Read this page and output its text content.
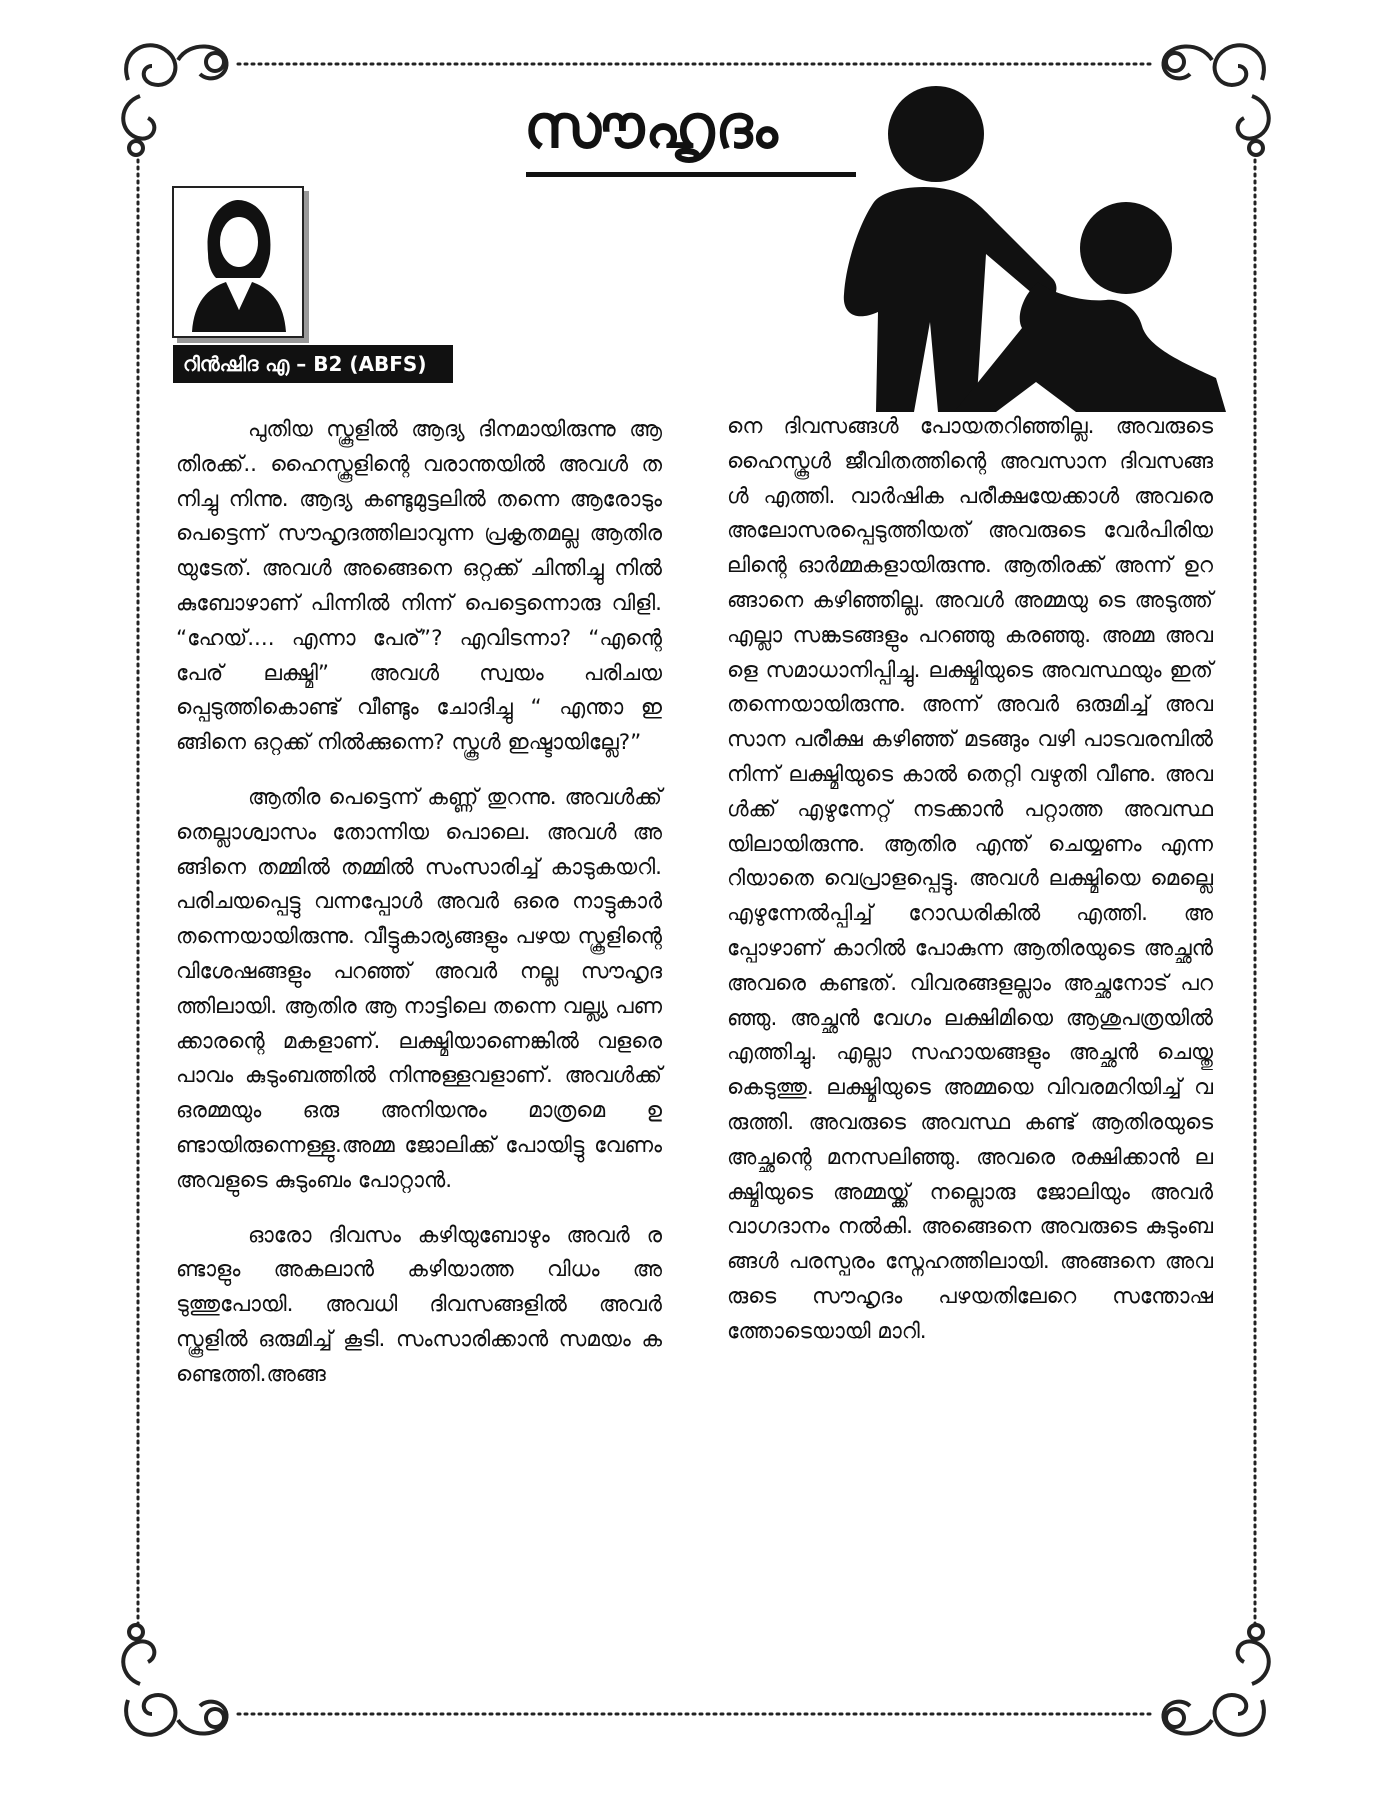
സൗഹൃദം
റിൻഷിദ എ – B2 (ABFS)

പുതിയ സ്കൂളിൽ ആദ്യ ദിനമായിരുന്നു ആതിരക്ക്.. ഹൈസ്കൂളിന്റെ വരാന്തയിൽ അവൾ തനിച്ചു നിന്നു. ആദ്യ കണ്ടുമുട്ടലിൽ തന്നെ ആരോടും പെട്ടെന്ന് സൗഹൃദത്തിലാവുന്ന പ്രകൃതമല്ല ആതിരയുടേത്. അവൾ അങ്ങെനെ ഒറ്റക്ക് ചിന്തിച്ചു നിൽകുബോഴാണ് പിന്നിൽ നിന്ന് പെട്ടെന്നൊരു വിളി. “ഹേയ്.... എന്നാ പേര്”? എവിടന്നാ? “എന്റെ പേര് ലക്ഷ്മി” അവൾ സ്വയം പരിചയപ്പെടുത്തികൊണ്ട് വീണ്ടും ചോദിച്ചു “ എന്താ ഇങ്ങിനെ ഒറ്റക്ക് നിൽക്കുന്നെ? സ്കൂൾ ഇഷ്ടായില്ലേ?”

ആതിര പെട്ടെന്ന് കണ്ണ് തുറന്നു. അവൾക്ക് തെല്ലാശ്വാസം തോന്നിയ പൊലെ. അവൾ അങ്ങിനെ തമ്മിൽ തമ്മിൽ സംസാരിച്ച് കാടുകയറി. പരിചയപ്പെട്ടു വന്നപ്പോൾ അവർ ഒരെ നാട്ടുകാർ തന്നെയായിരുന്നു. വീട്ടുകാര്യങ്ങളും പഴയ സ്കൂളിന്റെ വിശേഷങ്ങളും പറഞ്ഞ് അവർ നല്ല സൗഹൃദത്തിലായി. ആതിര ആ നാട്ടിലെ തന്നെ വല്ല്യ പണക്കാരന്റെ മകളാണ്. ലക്ഷ്മിയാണെങ്കിൽ വളരെ പാവം കുടുംബത്തിൽ നിന്നുള്ളവളാണ്. അവൾക്ക് ഒരമ്മയും ഒരു അനിയനും മാത്രമെ ഉണ്ടായിരുന്നെള്ളു.അമ്മ ജോലിക്ക് പോയിട്ടു വേണം അവളുടെ കുടുംബം പോറ്റാൻ.

ഓരോ ദിവസം കഴിയുബോഴും അവർ രണ്ടാളും അകലാൻ കഴിയാത്ത വിധം അടുത്തുപോയി. അവധി ദിവസങ്ങളിൽ അവർ സ്കൂളിൽ ഒരുമിച്ച് കൂടി. സംസാരിക്കാൻ സമയം കണ്ടെത്തി.അങ്ങ

നെ ദിവസങ്ങൾ പോയതറിഞ്ഞില്ല. അവരുടെ ഹൈസ്കൂൾ ജീവിതത്തിന്റെ അവസാന ദിവസങ്ങൾ എത്തി. വാർഷിക പരീക്ഷയേക്കാൾ അവരെ അലോസരപ്പെടുത്തിയത് അവരുടെ വേർപിരിയലിന്റെ ഓർമ്മകളായിരുന്നു. ആതിരക്ക് അന്ന് ഉറങ്ങാനെ കഴിഞ്ഞില്ല. അവൾ അമ്മയു ടെ അടുത്ത് എല്ലാ സങ്കടങ്ങളും പറഞ്ഞു കരഞ്ഞു. അമ്മ അവളെ സമാധാനിപ്പിച്ചു. ലക്ഷ്മിയുടെ അവസ്ഥയും ഇത് തന്നെയായിരുന്നു. അന്ന് അവർ ഒരുമിച്ച് അവസാന പരീക്ഷ കഴിഞ്ഞ് മടങ്ങും വഴി പാടവരമ്പിൽ നിന്ന് ലക്ഷ്മിയുടെ കാൽ തെറ്റി വഴുതി വീണു. അവൾക്ക് എഴുന്നേറ്റ് നടക്കാൻ പറ്റാത്ത അവസ്ഥയിലായിരുന്നു. ആതിര എന്ത് ചെയ്യണം എന്നറിയാതെ വെപ്രാളപ്പെട്ടു. അവൾ ലക്ഷ്മിയെ മെല്ലെ എഴുന്നേൽപ്പിച്ച് റോഡരികിൽ എത്തി. അപ്പോഴാണ് കാറിൽ പോകുന്ന ആതിരയുടെ അച്ഛൻ അവരെ കണ്ടത്. വിവരങ്ങളല്ലാം അച്ഛനോട് പറഞ്ഞു. അച്ഛൻ വേഗം ലക്ഷിമിയെ ആശുപത്രയിൽ എത്തിച്ചു. എല്ലാ സഹായങ്ങളും അച്ഛൻ ചെയ്തു കെടുത്തു. ലക്ഷ്മിയുടെ അമ്മയെ വിവരമറിയിച്ച് വരുത്തി. അവരുടെ അവസ്ഥ കണ്ട് ആതിരയുടെ അച്ഛന്റെ മനസലിഞ്ഞു. അവരെ രക്ഷിക്കാൻ ലക്ഷ്മിയുടെ അമ്മയ്ക്ക് നല്ലൊരു ജോലിയും അവർ വാഗദാനം നൽകി. അങ്ങെനെ അവരുടെ കുടുംബങ്ങൾ പരസ്പരം സ്നേഹത്തിലായി. അങ്ങനെ അവരുടെ സൗഹൃദം പഴയതിലേറെ സന്തോഷത്തോടെയായി മാറി.
